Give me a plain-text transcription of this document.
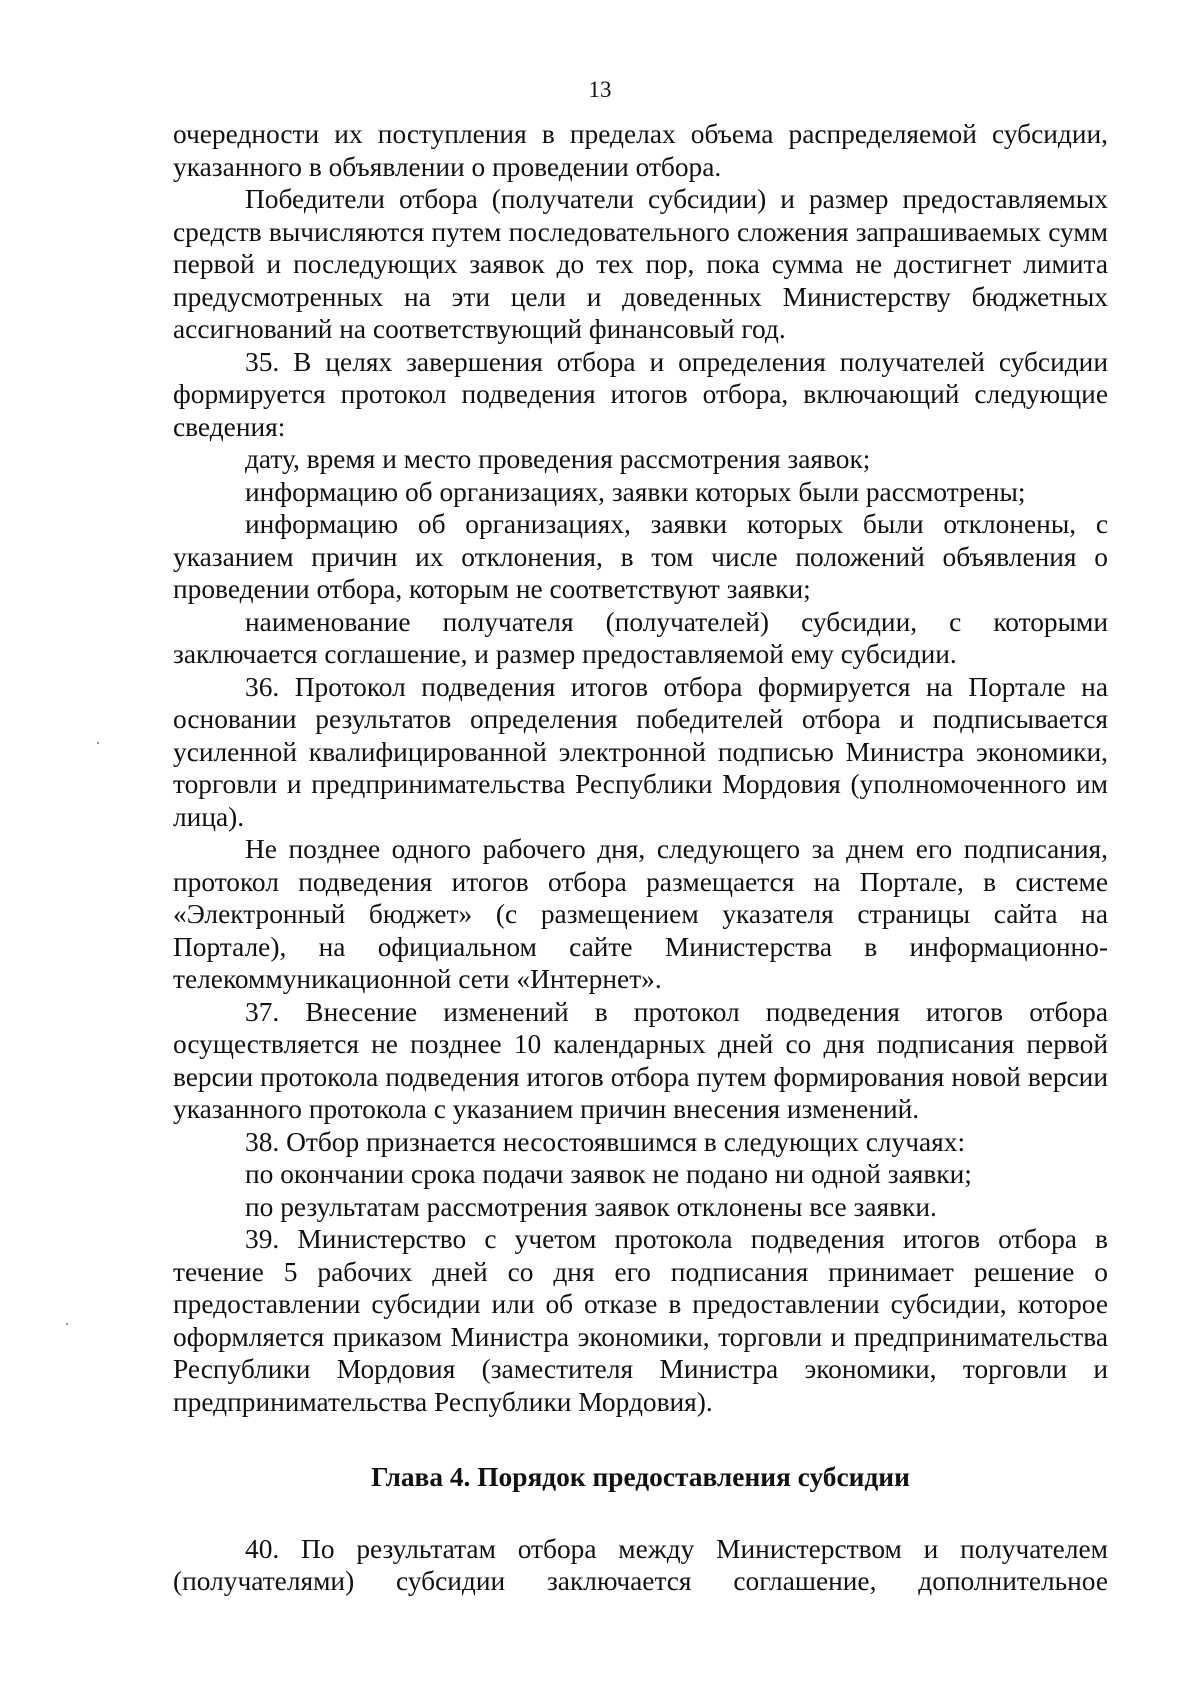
13

очередности их поступления в пределах объема распределяемой субсидии, указанного в объявлении о проведении отбора.

Победители отбора (получатели субсидии) и размер предоставляемых средств вычисляются путем последовательного сложения запрашиваемых сумм первой и последующих заявок до тех пор, пока сумма не достигнет лимита предусмотренных на эти цели и доведенных Министерству бюджетных ассигнований на соответствующий финансовый год.

35. В целях завершения отбора и определения получателей субсидии формируется протокол подведения итогов отбора, включающий следующие сведения:

дату, время и место проведения рассмотрения заявок;

информацию об организациях, заявки которых были рассмотрены;

информацию об организациях, заявки которых были отклонены, с указанием причин их отклонения, в том числе положений объявления о проведении отбора, которым не соответствуют заявки;

наименование получателя (получателей) субсидии, с которыми заключается соглашение, и размер предоставляемой ему субсидии.

36. Протокол подведения итогов отбора формируется на Портале на основании результатов определения победителей отбора и подписывается усиленной квалифицированной электронной подписью Министра экономики, торговли и предпринимательства Республики Мордовия (уполномоченного им лица).

Не позднее одного рабочего дня, следующего за днем его подписания, протокол подведения итогов отбора размещается на Портале, в системе «Электронный бюджет» (с размещением указателя страницы сайта на Портале), на официальном сайте Министерства в информационно-телекоммуникационной сети «Интернет».

37. Внесение изменений в протокол подведения итогов отбора осуществляется не позднее 10 календарных дней со дня подписания первой версии протокола подведения итогов отбора путем формирования новой версии указанного протокола с указанием причин внесения изменений.

38. Отбор признается несостоявшимся в следующих случаях:

по окончании срока подачи заявок не подано ни одной заявки;

по результатам рассмотрения заявок отклонены все заявки.

39. Министерство с учетом протокола подведения итогов отбора в течение 5 рабочих дней со дня его подписания принимает решение о предоставлении субсидии или об отказе в предоставлении субсидии, которое оформляется приказом Министра экономики, торговли и предпринимательства Республики Мордовия (заместителя Министра экономики, торговли и предпринимательства Республики Мордовия).

Глава 4. Порядок предоставления субсидии

40. По результатам отбора между Министерством и получателем (получателями) субсидии заключается соглашение, дополнительное
